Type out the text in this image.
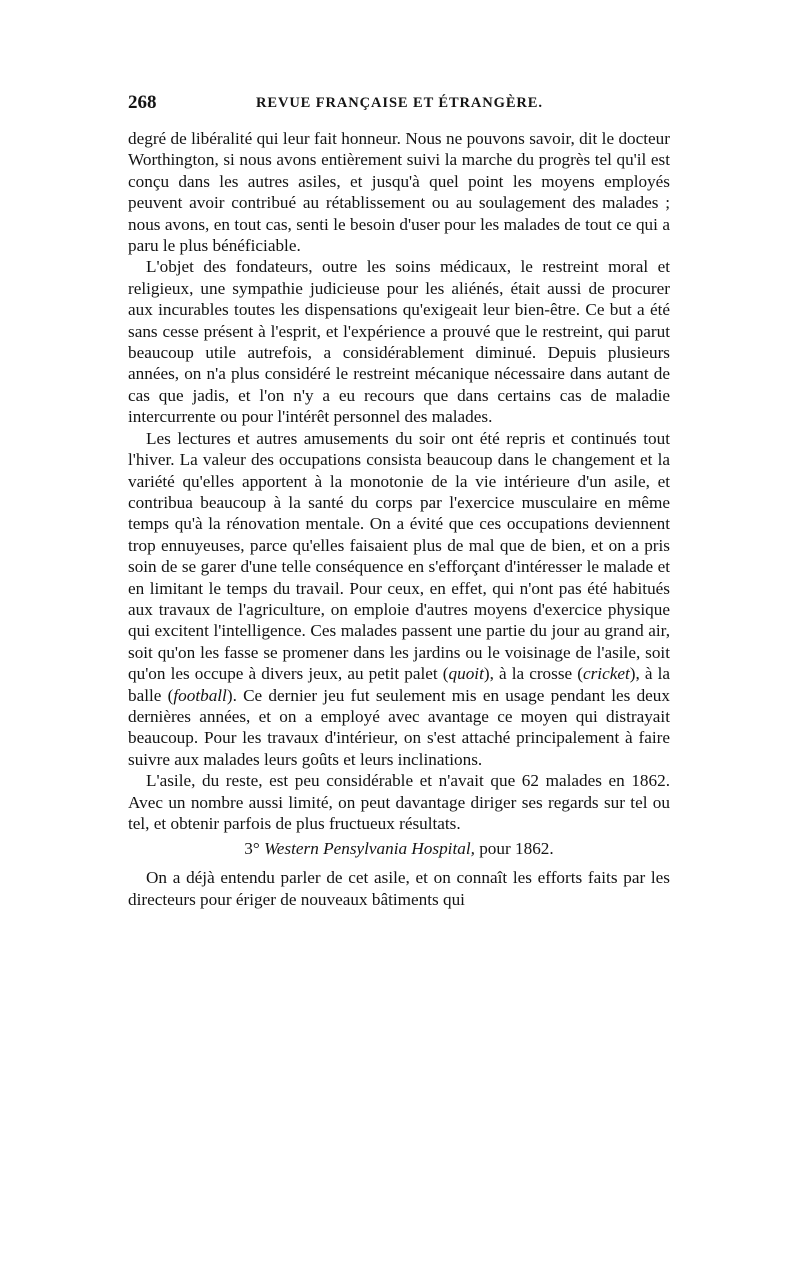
268	REVUE FRANÇAISE ET ÉTRANGÈRE.

degré de libéralité qui leur fait honneur. Nous ne pouvons savoir, dit le docteur Worthington, si nous avons entièrement suivi la marche du progrès tel qu'il est conçu dans les autres asiles, et jusqu'à quel point les moyens employés peuvent avoir contribué au rétablissement ou au soulagement des malades ; nous avons, en tout cas, senti le besoin d'user pour les malades de tout ce qui a paru le plus bénéficiable.

L'objet des fondateurs, outre les soins médicaux, le restreint moral et religieux, une sympathie judicieuse pour les aliénés, était aussi de procurer aux incurables toutes les dispensations qu'exigeait leur bien-être. Ce but a été sans cesse présent à l'esprit, et l'expérience a prouvé que le restreint, qui parut beaucoup utile autrefois, a considérablement diminué. Depuis plusieurs années, on n'a plus considéré le restreint mécanique nécessaire dans autant de cas que jadis, et l'on n'y a eu recours que dans certains cas de maladie intercurrente ou pour l'intérêt personnel des malades.

Les lectures et autres amusements du soir ont été repris et continués tout l'hiver. La valeur des occupations consista beaucoup dans le changement et la variété qu'elles apportent à la monotonie de la vie intérieure d'un asile, et contribua beaucoup à la santé du corps par l'exercice musculaire en même temps qu'à la rénovation mentale. On a évité que ces occupations deviennent trop ennuyeuses, parce qu'elles faisaient plus de mal que de bien, et on a pris soin de se garer d'une telle conséquence en s'efforçant d'intéresser le malade et en limitant le temps du travail. Pour ceux, en effet, qui n'ont pas été habitués aux travaux de l'agriculture, on emploie d'autres moyens d'exercice physique qui excitent l'intelligence. Ces malades passent une partie du jour au grand air, soit qu'on les fasse se promener dans les jardins ou le voisinage de l'asile, soit qu'on les occupe à divers jeux, au petit palet (quoit), à la crosse (cricket), à la balle (football). Ce dernier jeu fut seulement mis en usage pendant les deux dernières années, et on a employé avec avantage ce moyen qui distrayait beaucoup. Pour les travaux d'intérieur, on s'est attaché principalement à faire suivre aux malades leurs goûts et leurs inclinations.

L'asile, du reste, est peu considérable et n'avait que 62 malades en 1862. Avec un nombre aussi limité, on peut davantage diriger ses regards sur tel ou tel, et obtenir parfois de plus fructueux résultats.

3° Western Pensylvania Hospital, pour 1862.

On a déjà entendu parler de cet asile, et on connaît les efforts faits par les directeurs pour ériger de nouveaux bâtiments qui
